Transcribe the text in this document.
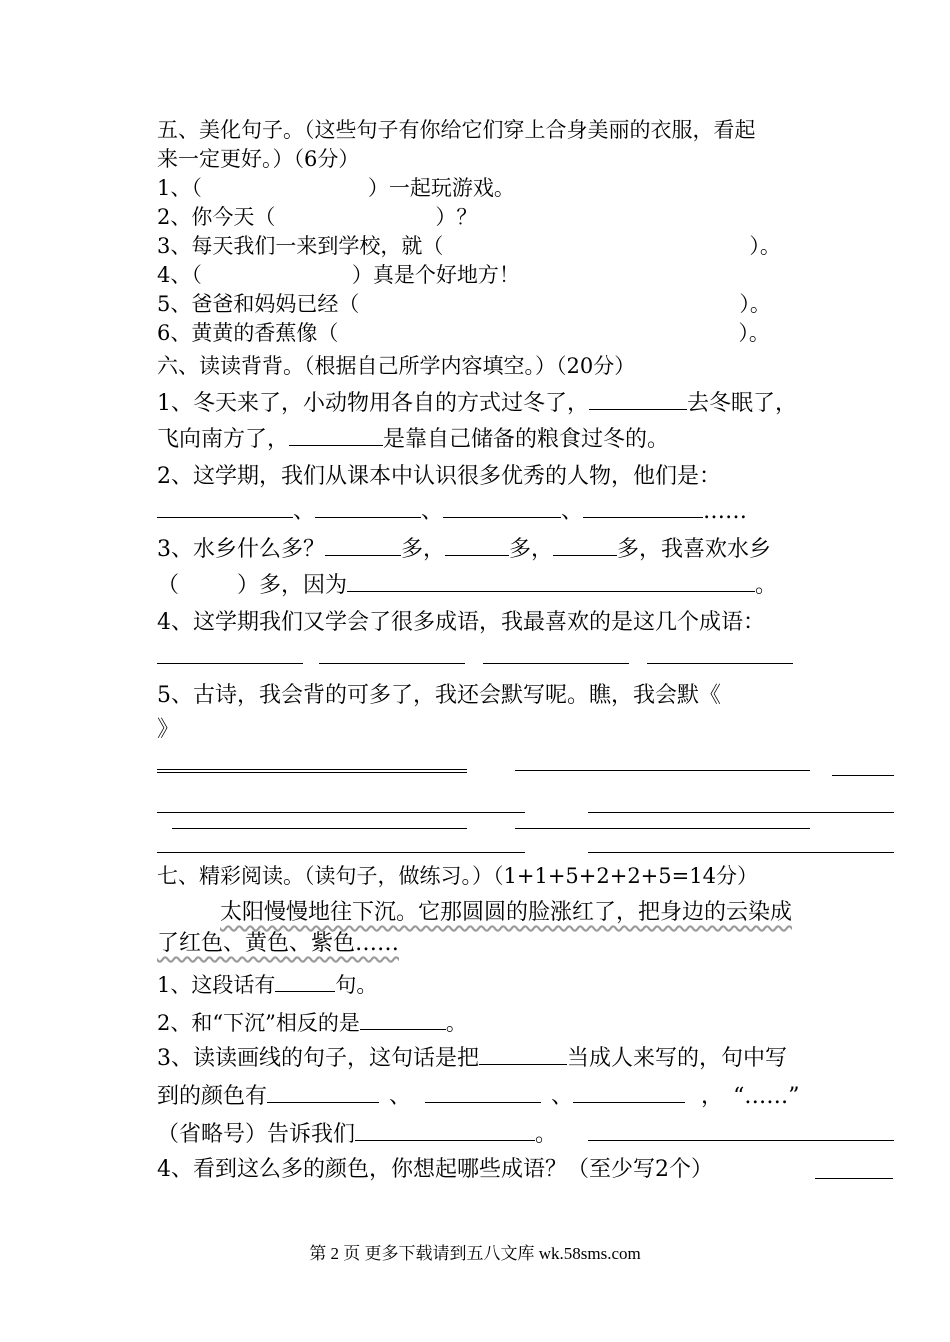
五、美化句子。（这些句子有你给它们穿上合身美丽的衣服，看起
来一定更好。）（6分）
1、（	）一起玩游戏。
2、你今天（	）？
3、每天我们一来到学校，就（	）。
4、（	）真是个好地方！
5、爸爸和妈妈已经（	）。
6、黄黄的香蕉像（	）。
六、读读背背。（根据自己所学内容填空。）（20分）
1、冬天来了，小动物用各自的方式过冬了，	去冬眠了，
飞向南方了，	是靠自己储备的粮食过冬的。
2、这学期，我们从课本中认识很多优秀的人物，他们是：
、	、	、	……
3、水乡什么多？	多，	多，	多，我喜欢水乡
（	）多，因为	。
4、这学期我们又学会了很多成语，我最喜欢的是这几个成语：
5、古诗，我会背的可多了，我还会默写呢。瞧，我会默《
》
七、精彩阅读。（读句子，做练习。）（1+1+5+2+2+5=14分）
太阳慢慢地往下沉。它那圆圆的脸涨红了，把身边的云染成
了红色、黄色、紫色……
1、这段话有	句。
2、和“下沉”相反的是	。
3、读读画线的句子，这句话是把	当成人来写的，句中写
到的颜色有	、	、	， “……”
（省略号）告诉我们	。
4、看到这么多的颜色，你想起哪些成语？（至少写2个）
第 2 页 更多下载请到五八文库 wk.58sms.com
